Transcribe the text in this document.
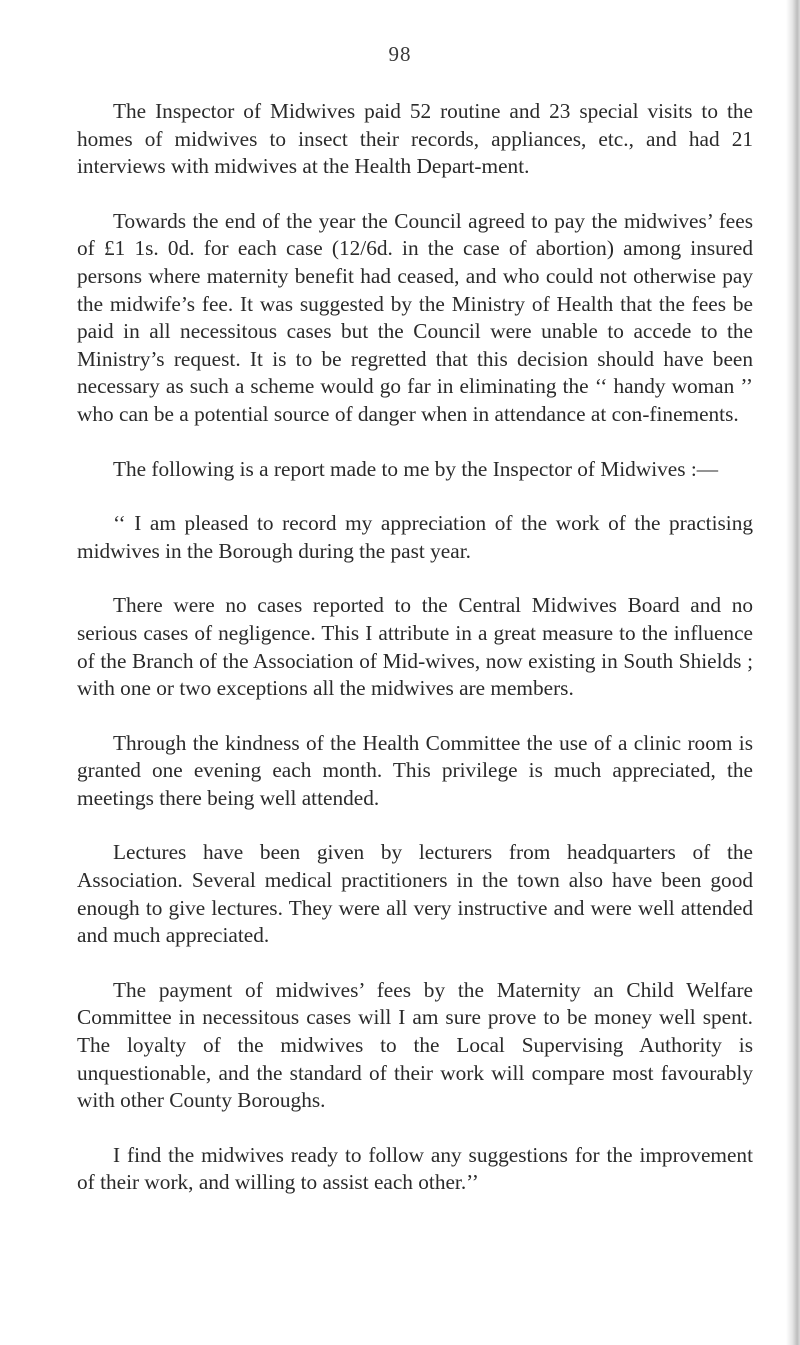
98

The Inspector of Midwives paid 52 routine and 23 special visits to the homes of midwives to insect their records, appliances, etc., and had 21 interviews with midwives at the Health Depart-ment.

Towards the end of the year the Council agreed to pay the midwives’ fees of £1 1s. 0d. for each case (12/6d. in the case of abortion) among insured persons where maternity benefit had ceased, and who could not otherwise pay the midwife’s fee. It was suggested by the Ministry of Health that the fees be paid in all necessitous cases but the Council were unable to accede to the Ministry’s request. It is to be regretted that this decision should have been necessary as such a scheme would go far in eliminating the ‘‘ handy woman ’’ who can be a potential source of danger when in attendance at con-finements.

The following is a report made to me by the Inspector of Midwives :—

‘‘ I am pleased to record my appreciation of the work of the practising midwives in the Borough during the past year.

There were no cases reported to the Central Midwives Board and no serious cases of negligence. This I attribute in a great measure to the influence of the Branch of the Association of Mid-wives, now existing in South Shields ; with one or two exceptions all the midwives are members.

Through the kindness of the Health Committee the use of a clinic room is granted one evening each month. This privilege is much appreciated, the meetings there being well attended.

Lectures have been given by lecturers from headquarters of the Association. Several medical practitioners in the town also have been good enough to give lectures. They were all very instructive and were well attended and much appreciated.

The payment of midwives’ fees by the Maternity an Child Welfare Committee in necessitous cases will I am sure prove to be money well spent. The loyalty of the midwives to the Local Supervising Authority is unquestionable, and the standard of their work will compare most favourably with other County Boroughs.

I find the midwives ready to follow any suggestions for the improvement of their work, and willing to assist each other.’’
